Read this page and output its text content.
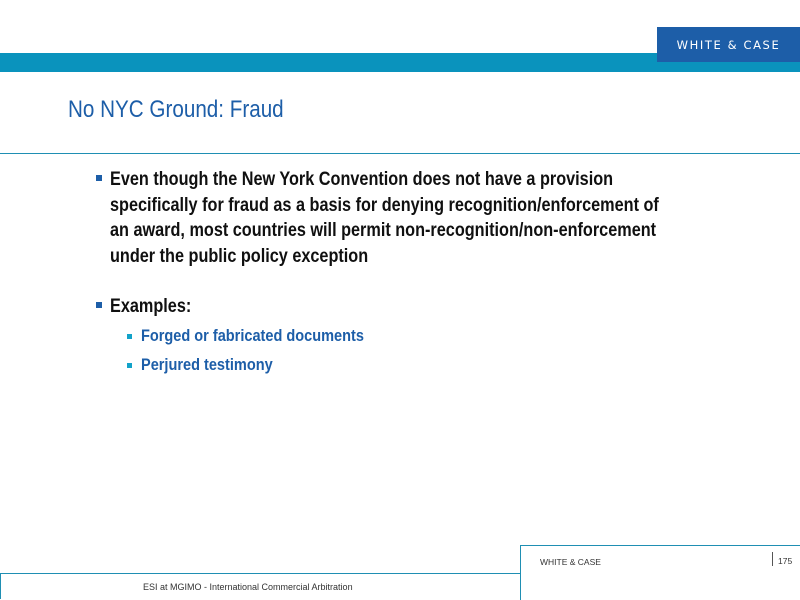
WHITE & CASE
No NYC Ground: Fraud
Even though the New York Convention does not have a provision
specifically for fraud as a basis for denying recognition/enforcement of
an award, most countries will permit non-recognition/non-enforcement
under the public policy exception
Examples:
Forged or fabricated documents
Perjured testimony
ESI at MGIMO - International Commercial Arbitration
WHITE & CASE	175
